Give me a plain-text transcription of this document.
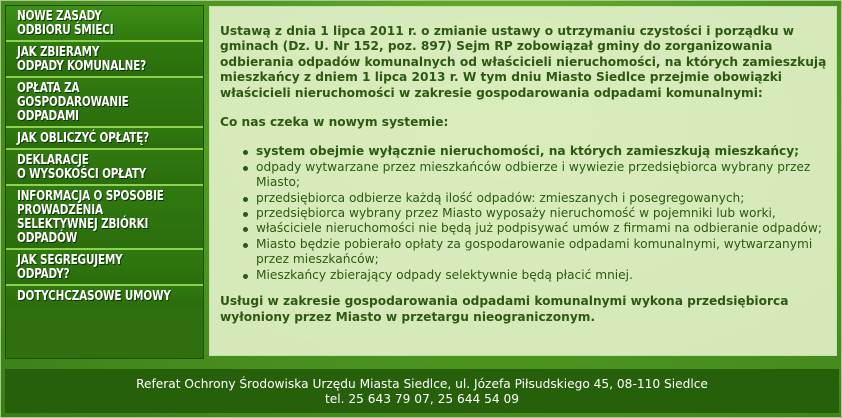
NOWE ZASADY
ODBIORU ŚMIECI
JAK ZBIERAMY
ODPADY KOMUNALNE?
OPŁATA ZA
GOSPODAROWANIE
ODPADAMI
JAK OBLICZYĆ OPŁATĘ?
DEKLARACJE
O WYSOKOŚCI OPŁATY
INFORMACJA O SPOSOBIE
PROWADZENIA
SELEKTYWNEJ ZBIÓRKI
ODPADÓW
JAK SEGREGUJEMY
ODPADY?
DOTYCHCZASOWE UMOWY

Ustawą z dnia 1 lipca 2011 r. o zmianie ustawy o utrzymaniu czystości i porządku w gminach (Dz. U. Nr 152, poz. 897) Sejm RP zobowiązał gminy do zorganizowania odbierania odpadów komunalnych od właścicieli nieruchomości, na których zamieszkują mieszkańcy z dniem 1 lipca 2013 r. W tym dniu Miasto Siedlce przejmie obowiązki właścicieli nieruchomości w zakresie gospodarowania odpadami komunalnymi:

Co nas czeka w nowym systemie:

system obejmie wyłącznie nieruchomości, na których zamieszkują mieszkańcy;
odpady wytwarzane przez mieszkańców odbierze i wywiezie przedsiębiorca wybrany przez Miasto;
przedsiębiorca odbierze każdą ilość odpadów: zmieszanych i posegregowanych;
przedsiębiorca wybrany przez Miasto wyposaży nieruchomość w pojemniki lub worki,
właściciele nieruchomości nie będą już podpisywać umów z firmami na odbieranie odpadów;
Miasto będzie pobierało opłaty za gospodarowanie odpadami komunalnymi, wytwarzanymi przez mieszkańców;
Mieszkańcy zbierający odpady selektywnie będą płacić mniej.

Usługi w zakresie gospodarowania odpadami komunalnymi wykona przedsiębiorca wyłoniony przez Miasto w przetargu nieograniczonym.

Referat Ochrony Środowiska Urzędu Miasta Siedlce, ul. Józefa Piłsudskiego 45, 08-110 Siedlce
tel. 25 643 79 07, 25 644 54 09
